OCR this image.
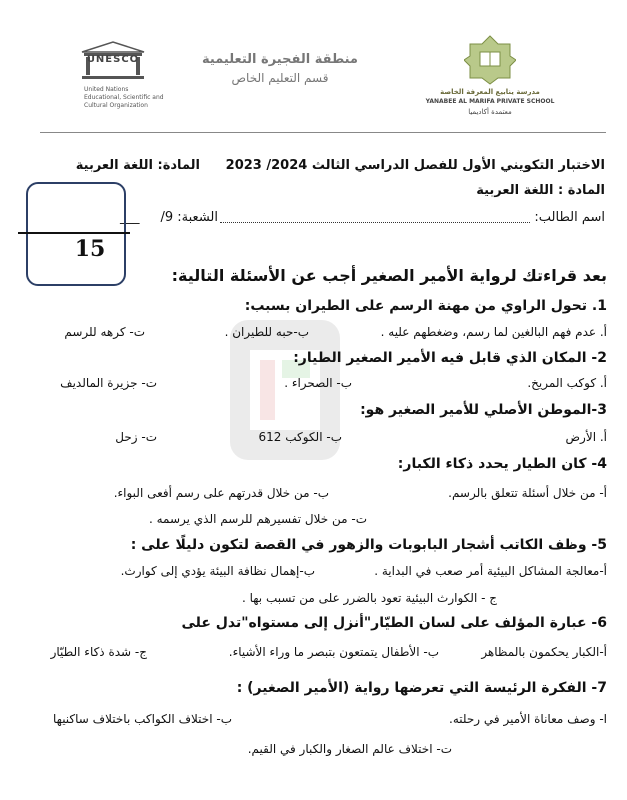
UNESCO
United Nations
Educational, Scientific and
Cultural Organization
منطقة الفجيرة التعليمية
قسم التعليم الخاص
مدرسة ينابيع المعرفة الخاصة
YANABEE AL MARIFA PRIVATE SCHOOL
معتمدة أكاديميا
الاختبار التكويني الأول للفصل الدراسي الثالث 2024/ 2023
المادة: اللغة العربية
المادة : اللغة العربية
اسم الطالب:
الشعبة: 9/
___
15
بعد قراءتك لرواية الأمير الصغير أجب عن الأسئلة التالية:
1. تحول الراوي من مهنة الرسم على الطيران بسبب:
أ. عدم فهم البالغين لما رسم، وضغطهم عليه .
ب-حبه للطيران .
ت- كرهه للرسم
2- المكان الذي قابل فيه الأمير الصغير الطيار:
أ. كوكب المريخ.
ب- الصحراء .
ت- جزيرة المالديف
3-الموطن الأصلي للأمير الصغير هو:
أ. الأرض
ب- الكوكب 612
ت- زحل
4- كان الطيار يحدد ذكاء الكبار:
أ- من خلال أسئلة تتعلق بالرسم.
ب- من خلال قدرتهم على رسم أفعى البواء.
ت- من خلال تفسيرهم للرسم الذي يرسمه .
5- وظف الكاتب أشجار البابوبات والزهور في القصة لتكون دليلًا على :
أ-معالجة المشاكل البيئية أمر صعب في البداية .
ب-إهمال نظافة البيئة يؤدي إلى كوارث.
ج - الكوارث البيئية تعود بالضرر على من تسبب بها .
6- عبارة المؤلف على لسان الطيّار"أنزل إلى مستواه"تدل على
أ-الكبار يحكمون بالمظاهر
ب- الأطفال يتمتعون بتبصر ما وراء الأشياء.
ج- شدة ذكاء الطيّار
7- الفكرة الرئيسة التي تعرضها رواية (الأمير الصغير) :
ا- وصف معاناة الأمير في رحلته.
ب- اختلاف الكواكب باختلاف ساكنيها
ت- اختلاف عالم الصغار والكبار في القيم.
